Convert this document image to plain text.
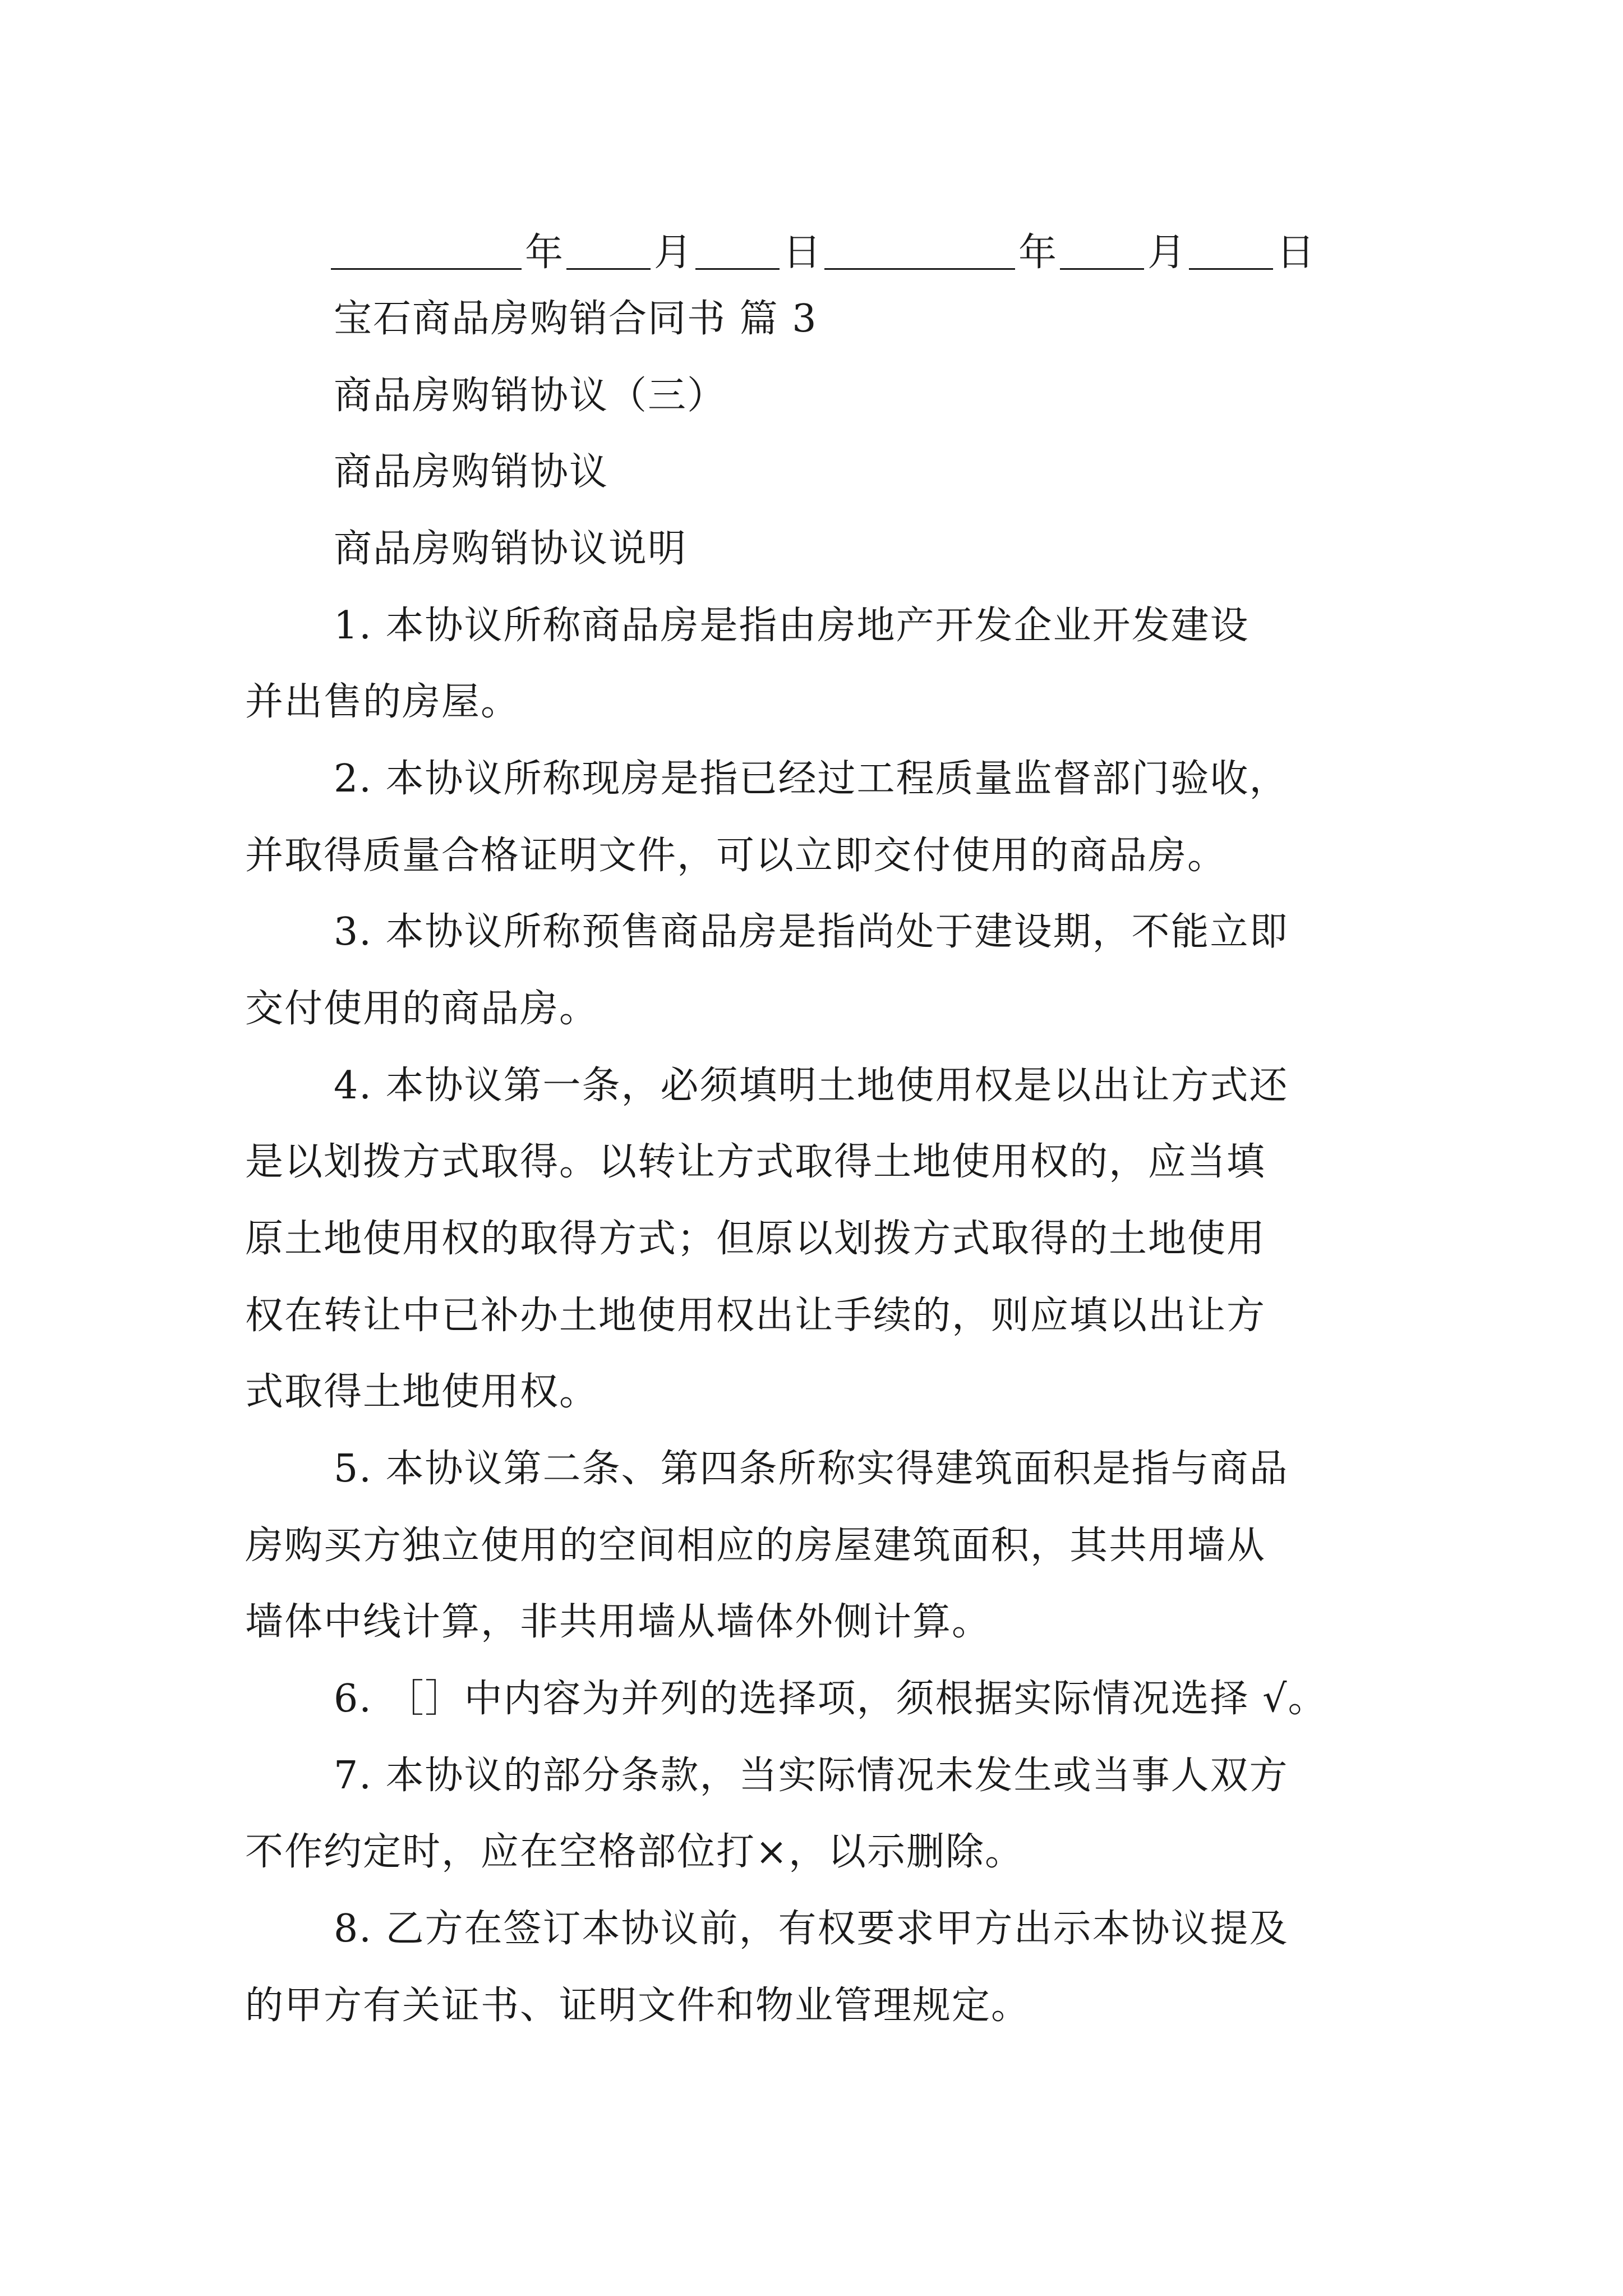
年 月 日	年 月 日
宝石商品房购销合同书 篇 3
商品房购销协议（三）
商品房购销协议
商品房购销协议说明
1. 本协议所称商品房是指由房地产开发企业开发建设
并出售的房屋。
2. 本协议所称现房是指已经过工程质量监督部门验收，
并取得质量合格证明文件，可以立即交付使用的商品房。
3. 本协议所称预售商品房是指尚处于建设期，不能立即
交付使用的商品房。
4. 本协议第一条，必须填明土地使用权是以出让方式还
是以划拨方式取得。以转让方式取得土地使用权的，应当填
原土地使用权的取得方式；但原以划拨方式取得的土地使用
权在转让中已补办土地使用权出让手续的，则应填以出让方
式取得土地使用权。
5. 本协议第二条、第四条所称实得建筑面积是指与商品
房购买方独立使用的空间相应的房屋建筑面积，其共用墙从
墙体中线计算，非共用墙从墙体外侧计算。
6. ［］中内容为并列的选择项，须根据实际情况选择 √。
7. 本协议的部分条款，当实际情况未发生或当事人双方
不作约定时，应在空格部位打×，以示删除。
8. 乙方在签订本协议前，有权要求甲方出示本协议提及
的甲方有关证书、证明文件和物业管理规定。
